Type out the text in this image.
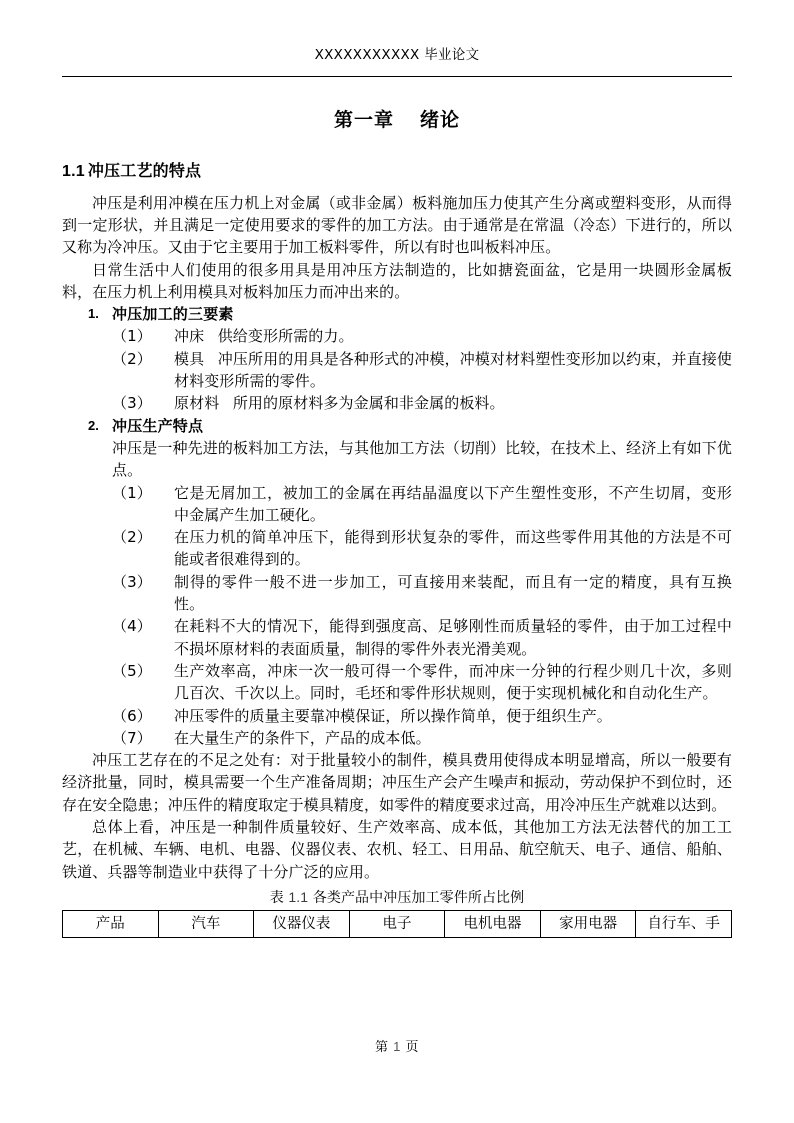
XXXXXXXXXXX 毕业论文
第一章 绪论
1.1 冲压工艺的特点

冲压是利用冲模在压力机上对金属（或非金属）板料施加压力使其产生分离或塑料变形，从而得到一定形状，并且满足一定使用要求的零件的加工方法。由于通常是在常温（冷态）下进行的，所以又称为冷冲压。又由于它主要用于加工板料零件，所以有时也叫板料冲压。

日常生活中人们使用的很多用具是用冲压方法制造的，比如搪瓷面盆，它是用一块圆形金属板料，在压力机上利用模具对板料加压力而冲出来的。

1. 冲压加工的三要素
（1）	冲床 供给变形所需的力。
（2）	模具 冲压所用的用具是各种形式的冲模，冲模对材料塑性变形加以约束，并直接使材料变形所需的零件。
（3）	原材料 所用的原材料多为金属和非金属的板料。
2. 冲压生产特点
冲压是一种先进的板料加工方法，与其他加工方法（切削）比较，在技术上、经济上有如下优点。
（1）	它是无屑加工，被加工的金属在再结晶温度以下产生塑性变形，不产生切屑，变形中金属产生加工硬化。
（2）	在压力机的简单冲压下，能得到形状复杂的零件，而这些零件用其他的方法是不可能或者很难得到的。
（3）	制得的零件一般不进一步加工，可直接用来装配，而且有一定的精度，具有互换性。
（4）	在耗料不大的情况下，能得到强度高、足够刚性而质量轻的零件，由于加工过程中不损坏原材料的表面质量，制得的零件外表光滑美观。
（5）	生产效率高，冲床一次一般可得一个零件，而冲床一分钟的行程少则几十次，多则几百次、千次以上。同时，毛坯和零件形状规则，便于实现机械化和自动化生产。
（6）	冲压零件的质量主要靠冲模保证，所以操作简单，便于组织生产。
（7）	在大量生产的条件下，产品的成本低。

冲压工艺存在的不足之处有：对于批量较小的制件，模具费用使得成本明显增高，所以一般要有经济批量，同时，模具需要一个生产准备周期；冲压生产会产生噪声和振动，劳动保护不到位时，还存在安全隐患；冲压件的精度取定于模具精度，如零件的精度要求过高，用冷冲压生产就难以达到。

总体上看，冲压是一种制件质量较好、生产效率高、成本低，其他加工方法无法替代的加工工艺，在机械、车辆、电机、电器、仪器仪表、农机、轻工、日用品、航空航天、电子、通信、船舶、铁道、兵器等制造业中获得了十分广泛的应用。

表 1.1 各类产品中冲压加工零件所占比例
产品	汽车	仪器仪表	电子	电机电器	家用电器	自行车、手
第 1 页
